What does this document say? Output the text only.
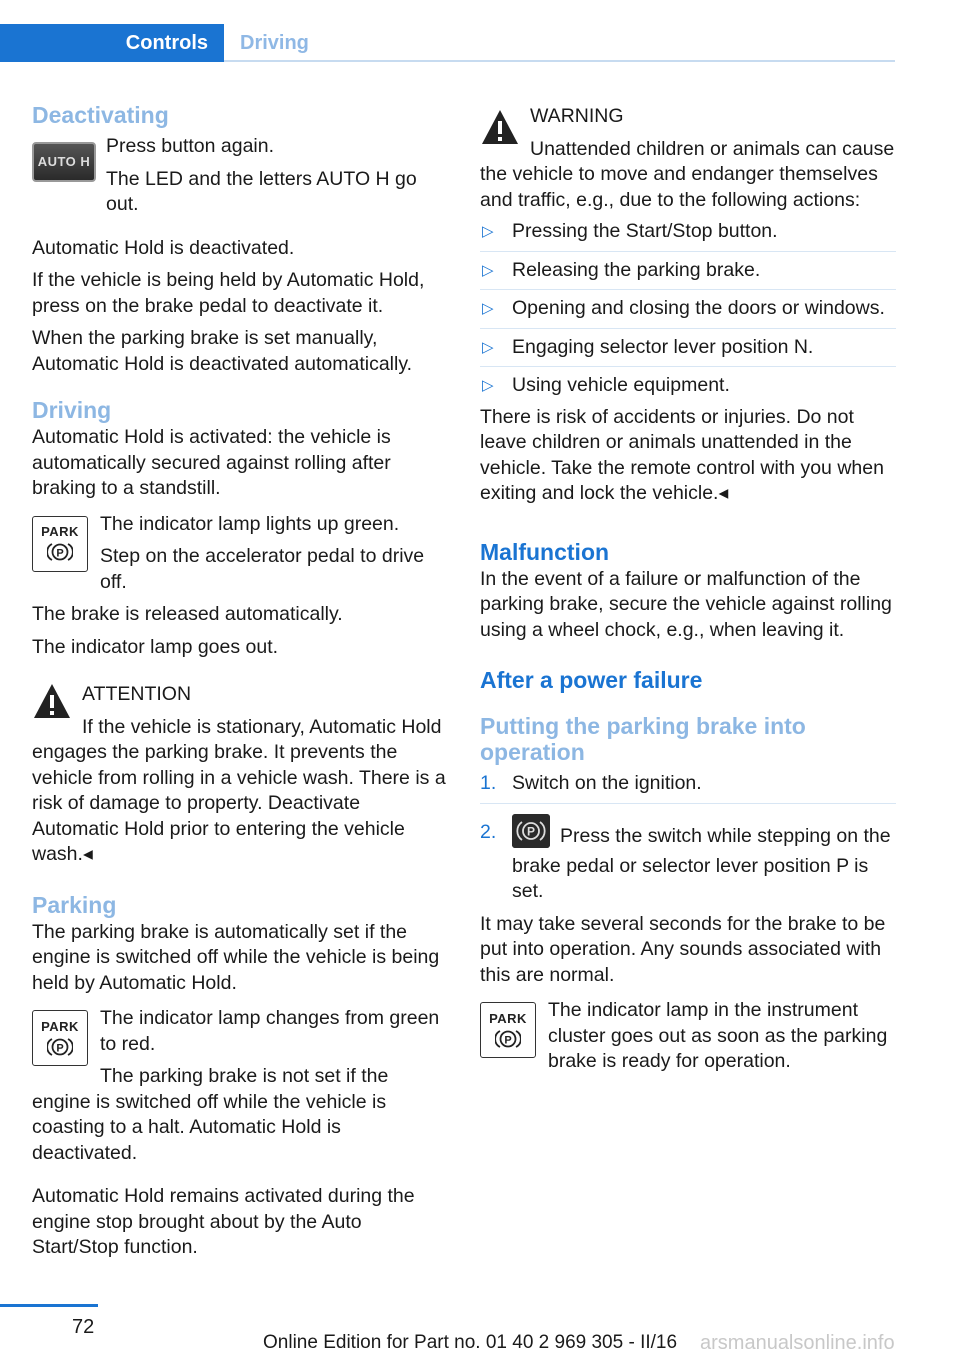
Controls	Driving
Deactivating
AUTO H

Press button again.

The LED and the letters AUTO H go out.

Automatic Hold is deactivated.

If the vehicle is being held by Automatic Hold, press on the brake pedal to deactivate it.

When the parking brake is set manually, Automatic Hold is deactivated automatically.

Driving

Automatic Hold is activated: the vehicle is automatically secured against rolling after braking to a standstill.

PARK
P

The indicator lamp lights up green.

Step on the accelerator pedal to drive off.

The brake is released automatically.

The indicator lamp goes out.

ATTENTION

If the vehicle is stationary, Automatic Hold engages the parking brake. It prevents the vehicle from rolling in a vehicle wash. There is a risk of damage to property. Deactivate Automatic Hold prior to entering the vehicle wash.◂

Parking

The parking brake is automatically set if the engine is switched off while the vehicle is being held by Automatic Hold.

PARK
P

The indicator lamp changes from green to red.

The parking brake is not set if the engine is switched off while the vehicle is coasting to a halt. Automatic Hold is deactivated.

Automatic Hold remains activated during the engine stop brought about by the Auto Start/Stop function.

WARNING

Unattended children or animals can cause the vehicle to move and endanger themselves and traffic, e.g., due to the following actions:

▷ Pressing the Start/Stop button.
▷ Releasing the parking brake.
▷ Opening and closing the doors or windows.
▷ Engaging selector lever position N.
▷ Using vehicle equipment.

There is risk of accidents or injuries. Do not leave children or animals unattended in the vehicle. Take the remote control with you when exiting and lock the vehicle.◂

Malfunction

In the event of a failure or malfunction of the parking brake, secure the vehicle against rolling using a wheel chock, e.g., when leaving it.

After a power failure
Putting the parking brake into operation
1. Switch on the ignition.
2.	P Press the switch while stepping on the brake pedal or selector lever position P is set.

It may take several seconds for the brake to be put into operation. Any sounds associated with this are normal.

PARK
P

The indicator lamp in the instrument cluster goes out as soon as the parking brake is ready for operation.

72
Online Edition for Part no. 01 40 2 969 305 - II/16 arsmanualsonline.info
